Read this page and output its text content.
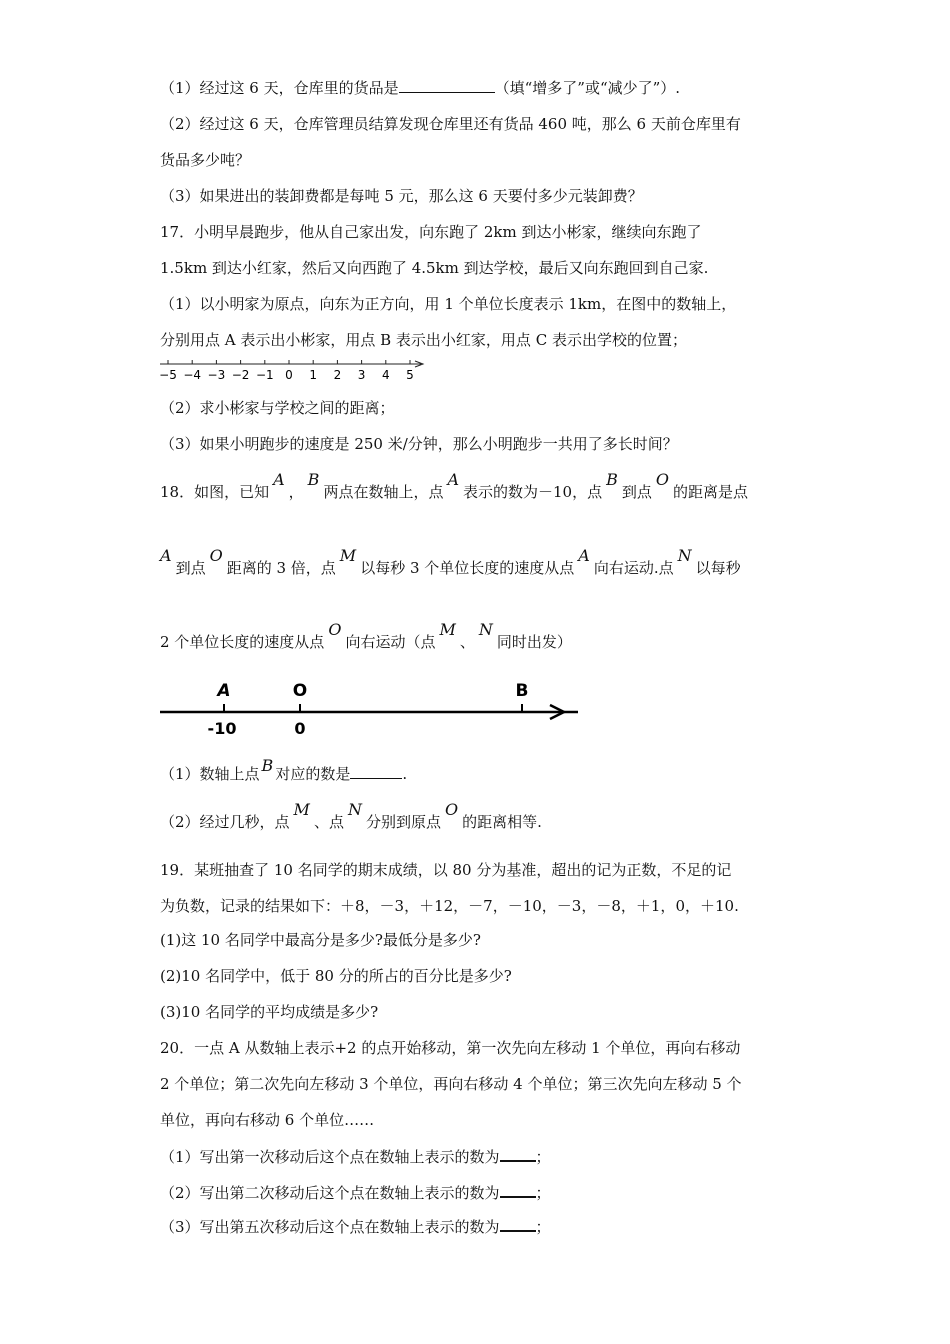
（1）经过这 6 天，仓库里的货品是	（填“增多了”或“减少了”）.
（2）经过这 6 天，仓库管理员结算发现仓库里还有货品 460 吨，那么 6 天前仓库里有
货品多少吨？
（3）如果进出的装卸费都是每吨 5 元，那么这 6 天要付多少元装卸费？
17．小明早晨跑步，他从自己家出发，向东跑了 2km 到达小彬家，继续向东跑了
1.5km 到达小红家，然后又向西跑了 4.5km 到达学校，最后又向东跑回到自己家.
（1）以小明家为原点，向东为正方向，用 1 个单位长度表示 1km，在图中的数轴上，
分别用点 A 表示出小彬家，用点 B 表示出小红家，用点 C 表示出学校的位置；
−5 −4 −3 −2 −1 0 1 2 3 4 5
（2）求小彬家与学校之间的距离；
（3）如果小明跑步的速度是 250 米/分钟，那么小明跑步一共用了多长时间？
18．如图，已知A，B两点在数轴上，点A表示的数为－10，点B到点O的距离是点
A到点O距离的 3 倍，点M以每秒 3 个单位长度的速度从点A向右运动.点N以每秒
2 个单位长度的速度从点O向右运动（点M、N同时出发）
A	O	B
-10	0
（1）数轴上点 B 对应的数是	.
（2）经过几秒，点M、点N分别到原点O的距离相等.
19．某班抽查了 10 名同学的期末成绩，以 80 分为基准，超出的记为正数，不足的记
为负数，记录的结果如下：＋8，－3，＋12，－7，－10，－3，－8，＋1，0，＋10.
(1)这 10 名同学中最高分是多少?最低分是多少?
(2)10 名同学中，低于 80 分的所占的百分比是多少?
(3)10 名同学的平均成绩是多少?
20．一点 A 从数轴上表示+2 的点开始移动，第一次先向左移动 1 个单位，再向右移动
2 个单位；第二次先向左移动 3 个单位，再向右移动 4 个单位；第三次先向左移动 5 个
单位，再向右移动 6 个单位……
（1）写出第一次移动后这个点在数轴上表示的数为 ；
（2）写出第二次移动后这个点在数轴上表示的数为 ；
（3）写出第五次移动后这个点在数轴上表示的数为 ；
